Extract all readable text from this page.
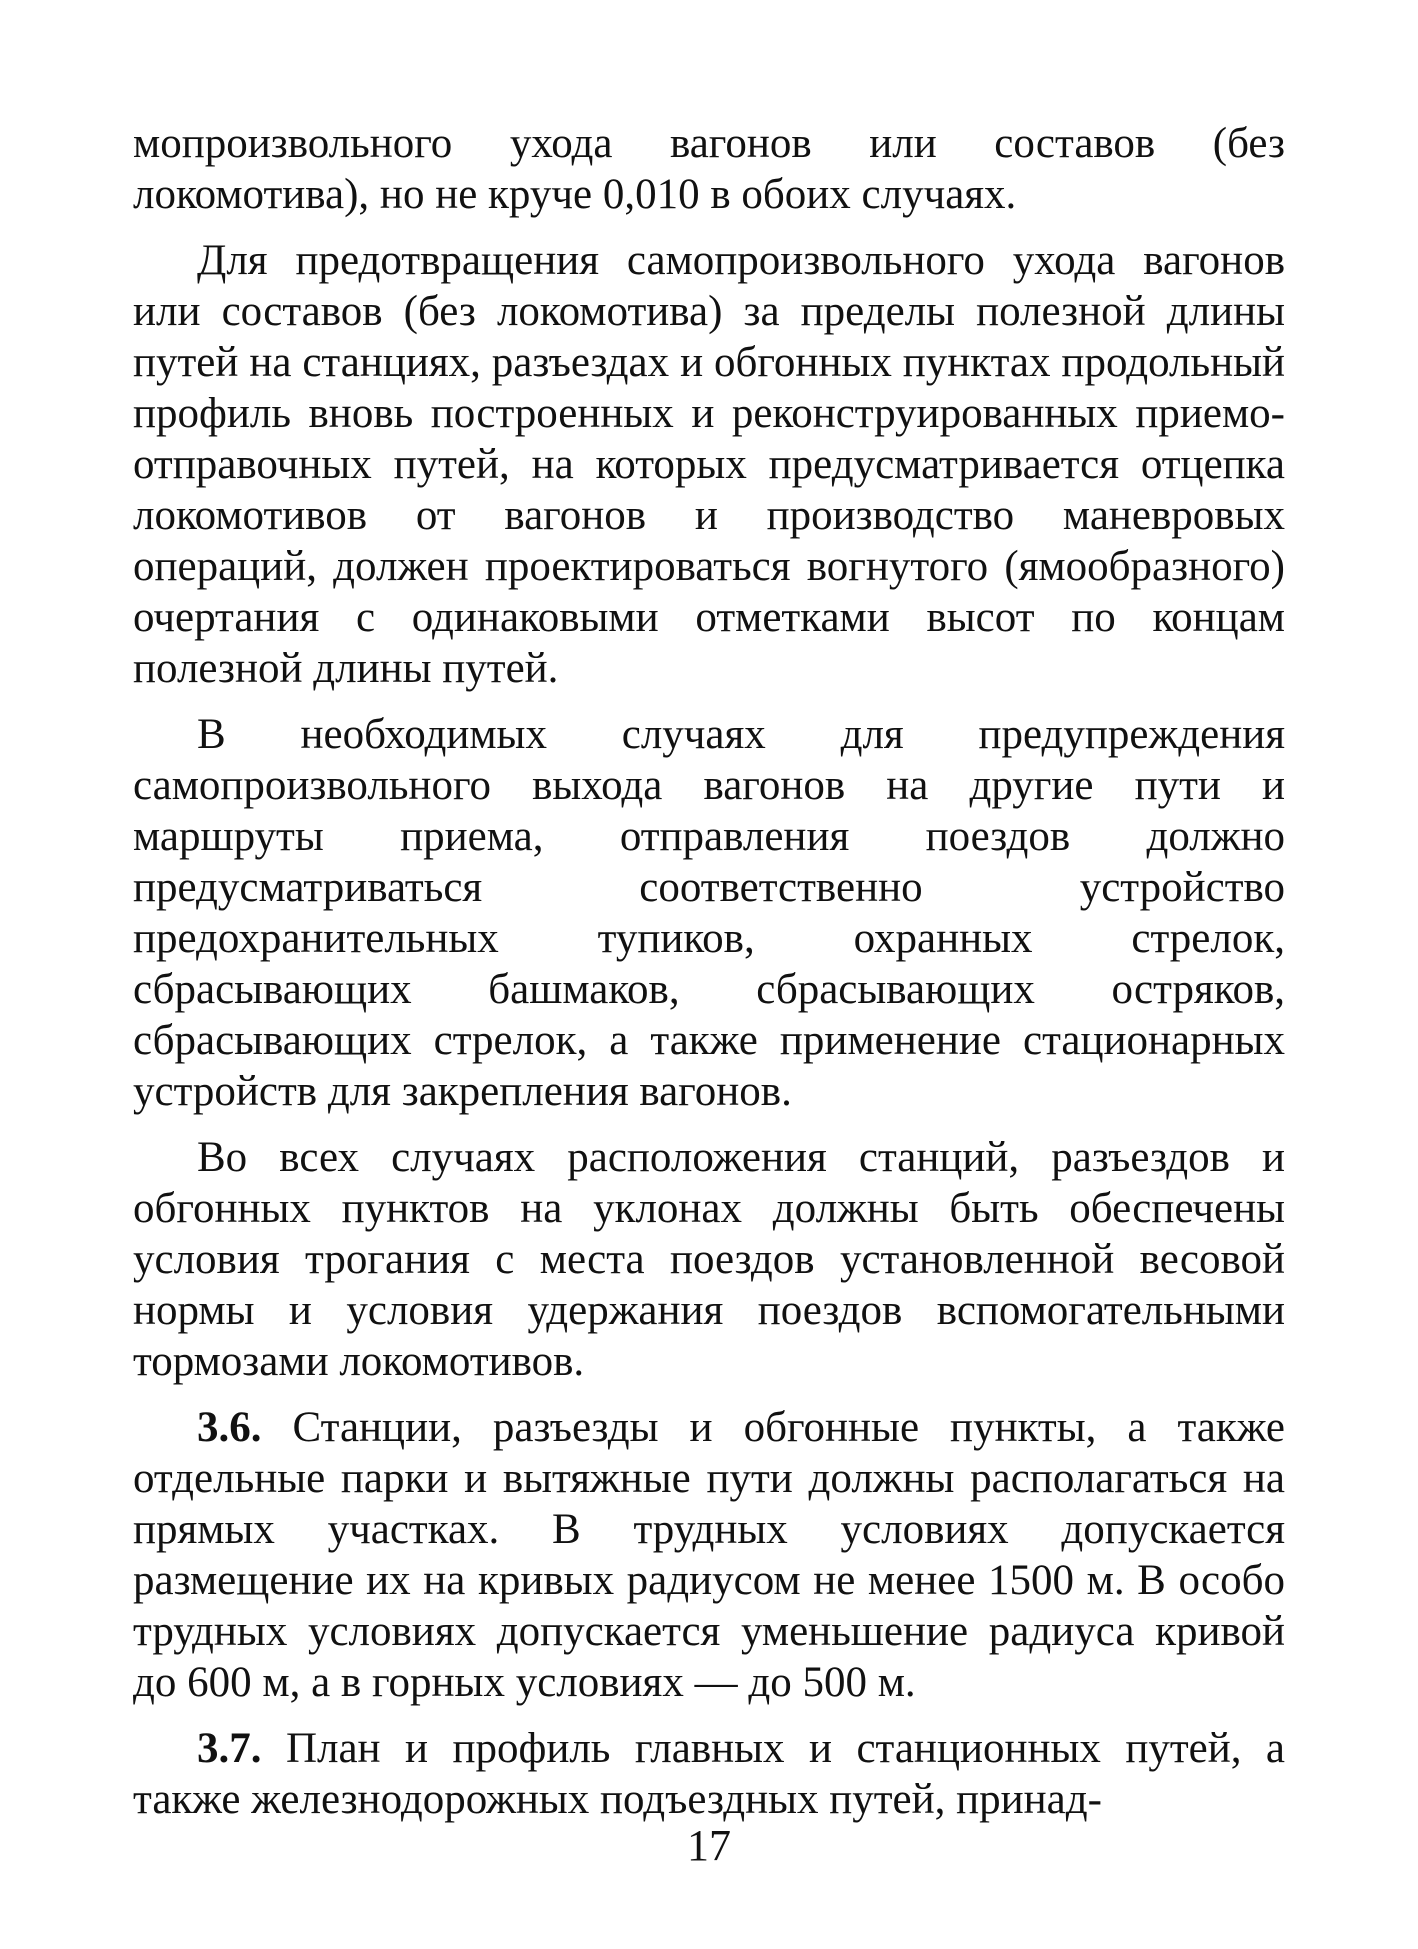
мопроизвольного ухода вагонов или составов (без локомотива), но не круче 0,010 в обоих случаях.

Для предотвращения самопроизвольного ухода вагонов или составов (без локомотива) за пределы полезной длины путей на станциях, разъездах и обгонных пунктах продольный профиль вновь построенных и реконструированных приемо-отправочных путей, на которых предусматривается отцепка локомотивов от вагонов и производство маневровых операций, должен проектироваться вогнутого (ямообразного) очертания с одинаковыми отметками высот по концам полезной длины путей.

В необходимых случаях для предупреждения самопроизвольного выхода вагонов на другие пути и маршруты приема, отправления поездов должно предусматриваться соответственно устройство предохранительных тупиков, охранных стрелок, сбрасывающих башмаков, сбрасывающих остряков, сбрасывающих стрелок, а также применение стационарных устройств для закрепления вагонов.

Во всех случаях расположения станций, разъездов и обгонных пунктов на уклонах должны быть обеспечены условия трогания с места поездов установленной весовой нормы и условия удержания поездов вспомогательными тормозами локомотивов.

3.6. Станции, разъезды и обгонные пункты, а также отдельные парки и вытяжные пути должны располагаться на прямых участках. В трудных условиях допускается размещение их на кривых радиусом не менее 1500 м. В особо трудных условиях допускается уменьшение радиуса кривой до 600 м, а в горных условиях — до 500 м.

3.7. План и профиль главных и станционных путей, а также железнодорожных подъездных путей, принад-

17
